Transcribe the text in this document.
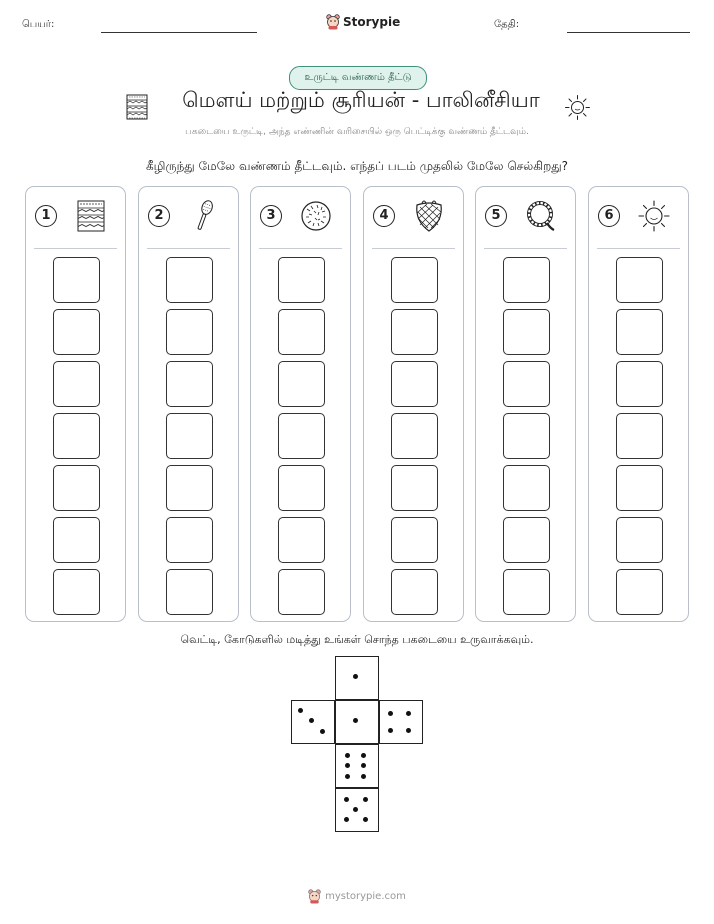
பெயர்:	Storypie	தேதி:
உருட்டி வண்ணம் தீட்டு
மௌய் மற்றும் சூரியன் - பாலினீசியா
பகடையை உருட்டி, அந்த எண்ணின் வரிசையில் ஒரு பெட்டிக்கு வண்ணம் தீட்டவும்.
கீழிருந்து மேலே வண்ணம் தீட்டவும். எந்தப் படம் முதலில் மேலே செல்கிறது?
1	2	3	4	5	6
வெட்டி, கோடுகளில் மடித்து உங்கள் சொந்த பகடையை உருவாக்கவும்.
mystorypie.com
